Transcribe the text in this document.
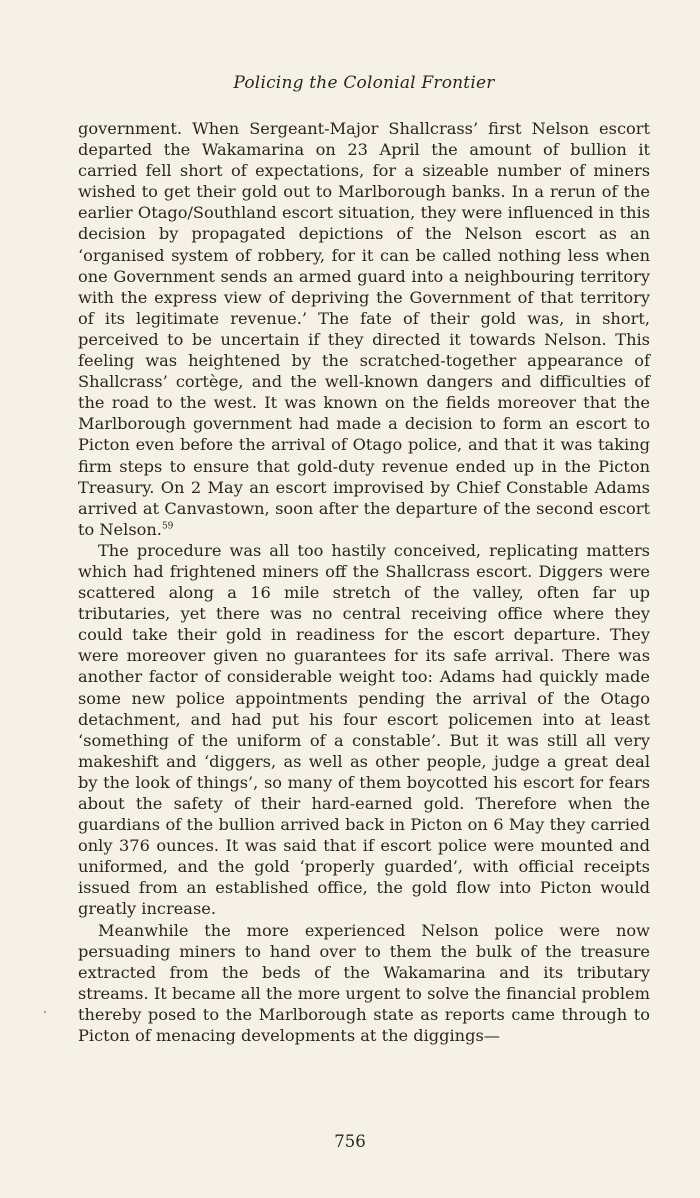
Policing the Colonial Frontier

government. When Sergeant-Major Shallcrass’ first Nelson escort departed the Wakamarina on 23 April the amount of bullion it carried fell short of expectations, for a sizeable number of miners wished to get their gold out to Marlborough banks. In a rerun of the earlier Otago/Southland escort situation, they were influenced in this decision by propagated depictions of the Nelson escort as an ‘organised system of robbery, for it can be called nothing less when one Government sends an armed guard into a neighbouring territory with the express view of depriving the Government of that territory of its legitimate revenue.’ The fate of their gold was, in short, perceived to be uncertain if they directed it towards Nelson. This feeling was heightened by the scratched-together appearance of Shallcrass’ cortège, and the well-known dangers and difficulties of the road to the west. It was known on the fields moreover that the Marlborough government had made a decision to form an escort to Picton even before the arrival of Otago police, and that it was taking firm steps to ensure that gold-duty revenue ended up in the Picton Treasury. On 2 May an escort improvised by Chief Constable Adams arrived at Canvastown, soon after the departure of the second escort to Nelson.$^{59}$

The procedure was all too hastily conceived, replicating matters which had frightened miners off the Shallcrass escort. Diggers were scattered along a 16 mile stretch of the valley, often far up tributaries, yet there was no central receiving office where they could take their gold in readiness for the escort departure. They were moreover given no guarantees for its safe arrival. There was another factor of considerable weight too: Adams had quickly made some new police appointments pending the arrival of the Otago detachment, and had put his four escort policemen into at least ‘something of the uniform of a constable’. But it was still all very makeshift and ‘diggers, as well as other people, judge a great deal by the look of things’, so many of them boycotted his escort for fears about the safety of their hard-earned gold. Therefore when the guardians of the bullion arrived back in Picton on 6 May they carried only 376 ounces. It was said that if escort police were mounted and uniformed, and the gold ‘properly guarded’, with official receipts issued from an established office, the gold flow into Picton would greatly increase.

Meanwhile the more experienced Nelson police were now persuading miners to hand over to them the bulk of the treasure extracted from the beds of the Wakamarina and its tributary streams. It became all the more urgent to solve the financial problem thereby posed to the Marlborough state as reports came through to Picton of menacing developments at the diggings—

756
